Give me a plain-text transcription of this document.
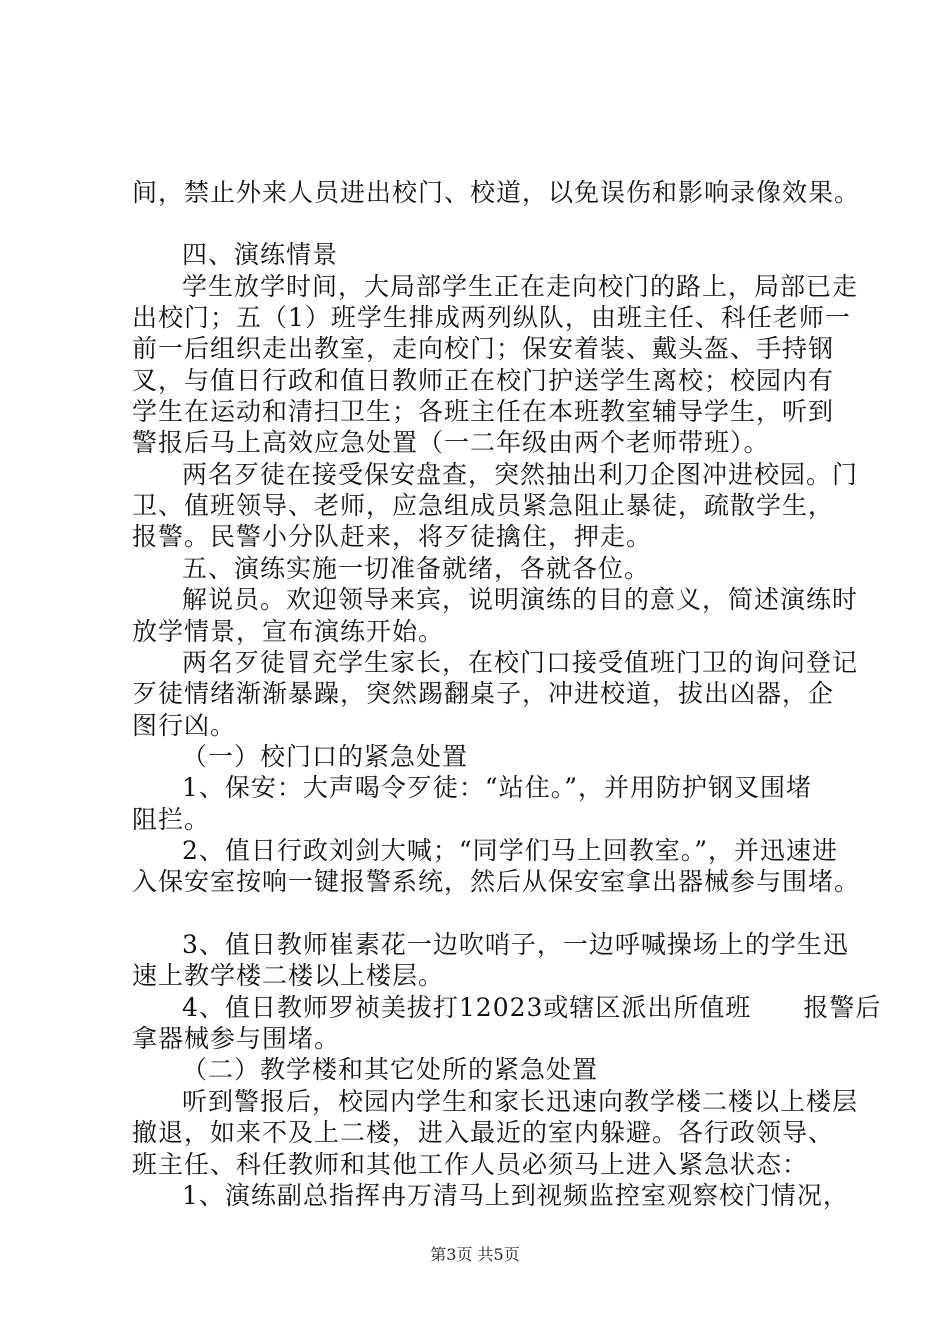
间，禁止外来人员进出校门、校道，以免误伤和影响录像效果。
四、演练情景
学生放学时间，大局部学生正在走向校门的路上，局部已走
出校门；五（1）班学生排成两列纵队，由班主任、科任老师一
前一后组织走出教室，走向校门；保安着装、戴头盔、手持钢
叉，与值日行政和值日教师正在校门护送学生离校；校园内有
学生在运动和清扫卫生；各班主任在本班教室辅导学生，听到
警报后马上高效应急处置（一二年级由两个老师带班）。
两名歹徒在接受保安盘查，突然抽出利刀企图冲进校园。门
卫、值班领导、老师，应急组成员紧急阻止暴徒，疏散学生，
报警。民警小分队赶来，将歹徒擒住，押走。
五、演练实施一切准备就绪，各就各位。
解说员。欢迎领导来宾，说明演练的目的意义，简述演练时
放学情景，宣布演练开始。
两名歹徒冒充学生家长，在校门口接受值班门卫的询问登记
歹徒情绪渐渐暴躁，突然踢翻桌子，冲进校道，拔出凶器，企
图行凶。
（一）校门口的紧急处置
1、保安：大声喝令歹徒：“站住。”，并用防护钢叉围堵
阻拦。
2、值日行政刘剑大喊；“同学们马上回教室。”，并迅速进
入保安室按响一键报警系统，然后从保安室拿出器械参与围堵。
3、值日教师崔素花一边吹哨子，一边呼喊操场上的学生迅
速上教学楼二楼以上楼层。
4、值日教师罗祯美拔打12023或辖区派出所值班　　报警后
拿器械参与围堵。
（二）教学楼和其它处所的紧急处置
听到警报后，校园内学生和家长迅速向教学楼二楼以上楼层
撤退，如来不及上二楼，进入最近的室内躲避。各行政领导、
班主任、科任教师和其他工作人员必须马上进入紧急状态：
1、演练副总指挥冉万清马上到视频监控室观察校门情况，
第3页 共5页
